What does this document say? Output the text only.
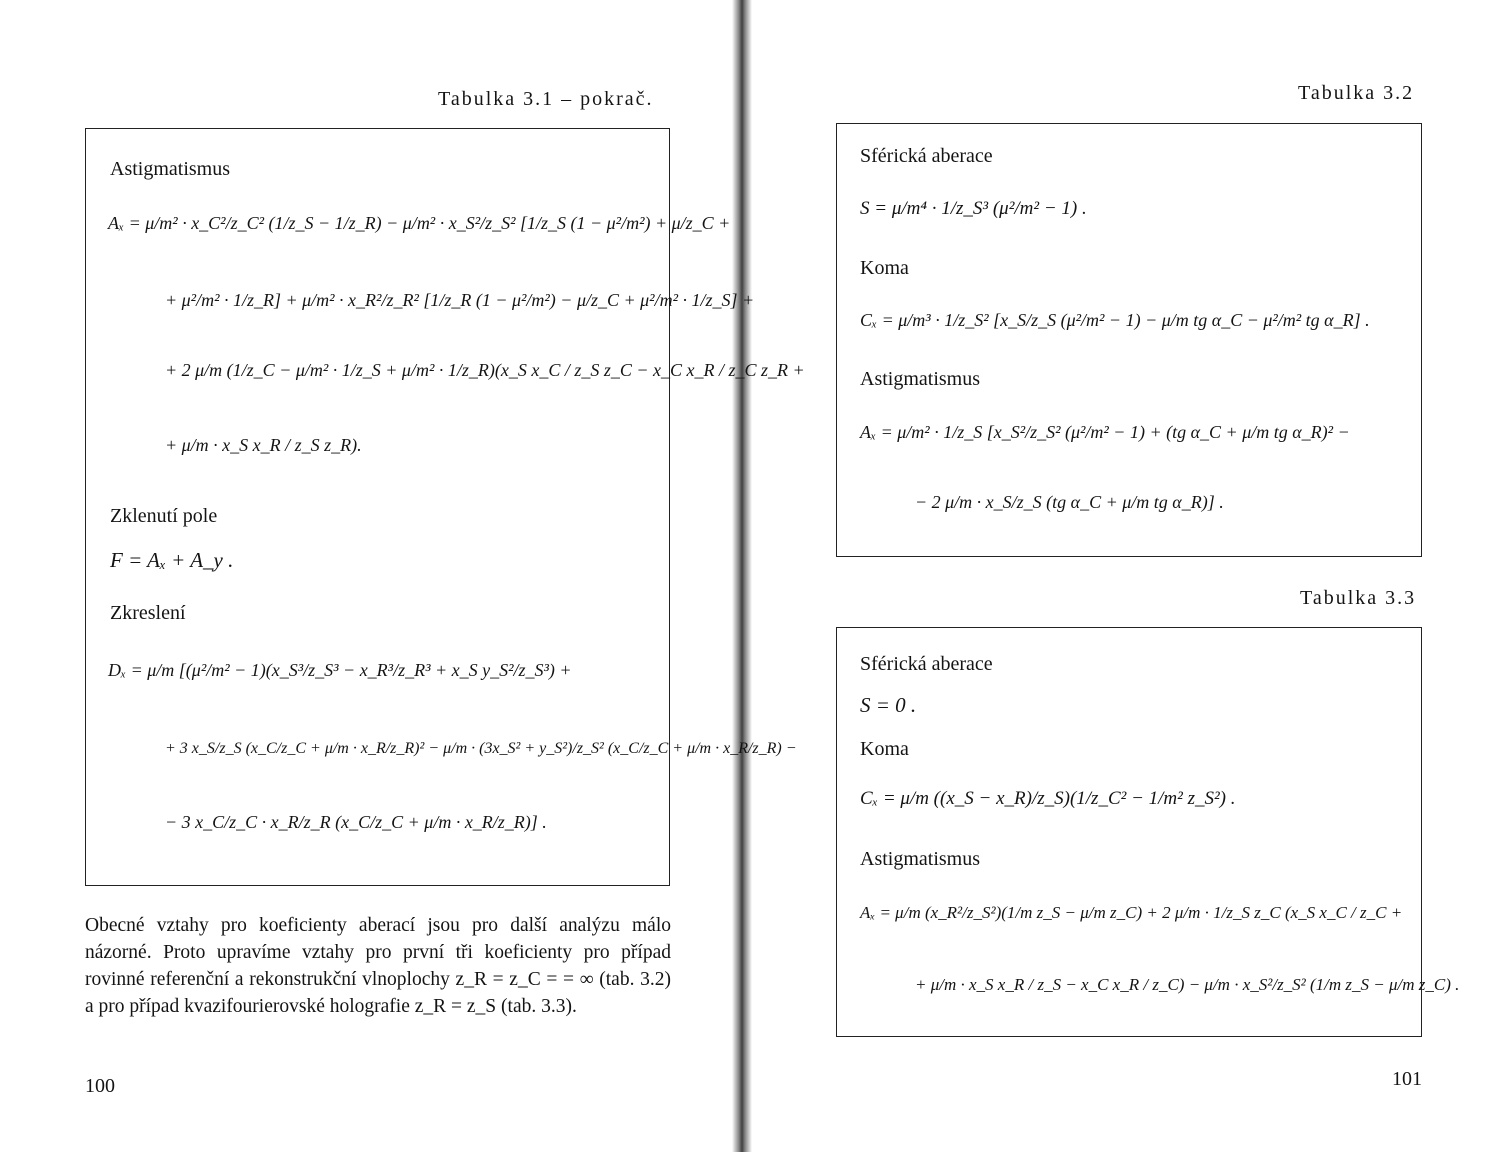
Tabulka 3.1 – pokrač.
Astigmatismus
Aₓ = μ/m² · x_C²/z_C² (1/z_S − 1/z_R) − μ/m² · x_S²/z_S² [1/z_S (1 − μ²/m²) + μ/z_C +
+ μ²/m² · 1/z_R] + μ/m² · x_R²/z_R² [1/z_R (1 − μ²/m²) − μ/z_C + μ²/m² · 1/z_S] +
+ 2 μ/m (1/z_C − μ/m² · 1/z_S + μ/m² · 1/z_R)(x_S x_C / z_S z_C − x_C x_R / z_C z_R +
+ μ/m · x_S x_R / z_S z_R).
Zklenutí pole
F = Aₓ + A_y .
Zkreslení
Dₓ = μ/m [(μ²/m² − 1)(x_S³/z_S³ − x_R³/z_R³ + x_S y_S²/z_S³) +
+ 3 x_S/z_S (x_C/z_C + μ/m · x_R/z_R)² − μ/m · (3x_S² + y_S²)/z_S² (x_C/z_C + μ/m · x_R/z_R) −
− 3 x_C/z_C · x_R/z_R (x_C/z_C + μ/m · x_R/z_R)] .
Obecné vztahy pro koeficienty aberací jsou pro další analýzu málo názorné. Proto upravíme vztahy pro první tři koeficienty pro případ rovinné referenční a rekonstrukční vlnoplochy z_R = z_C = = ∞ (tab. 3.2) a pro případ kvazifourierovské holografie z_R = z_S (tab. 3.3).
100
Tabulka 3.2
Sférická aberace
S = μ/m⁴ · 1/z_S³ (μ²/m² − 1) .
Koma
Cₓ = μ/m³ · 1/z_S² [x_S/z_S (μ²/m² − 1) − μ/m tg α_C − μ²/m² tg α_R] .
Astigmatismus
Aₓ = μ/m² · 1/z_S [x_S²/z_S² (μ²/m² − 1) + (tg α_C + μ/m tg α_R)² −
− 2 μ/m · x_S/z_S (tg α_C + μ/m tg α_R)] .
Tabulka 3.3
Sférická aberace
S = 0 .
Koma
Cₓ = μ/m ((x_S − x_R)/z_S)(1/z_C² − 1/m² z_S²) .
Astigmatismus
Aₓ = μ/m (x_R²/z_S²)(1/m z_S − μ/m z_C) + 2 μ/m · 1/z_S z_C (x_S x_C / z_C +
+ μ/m · x_S x_R / z_S − x_C x_R / z_C) − μ/m · x_S²/z_S² (1/m z_S − μ/m z_C) .
101
